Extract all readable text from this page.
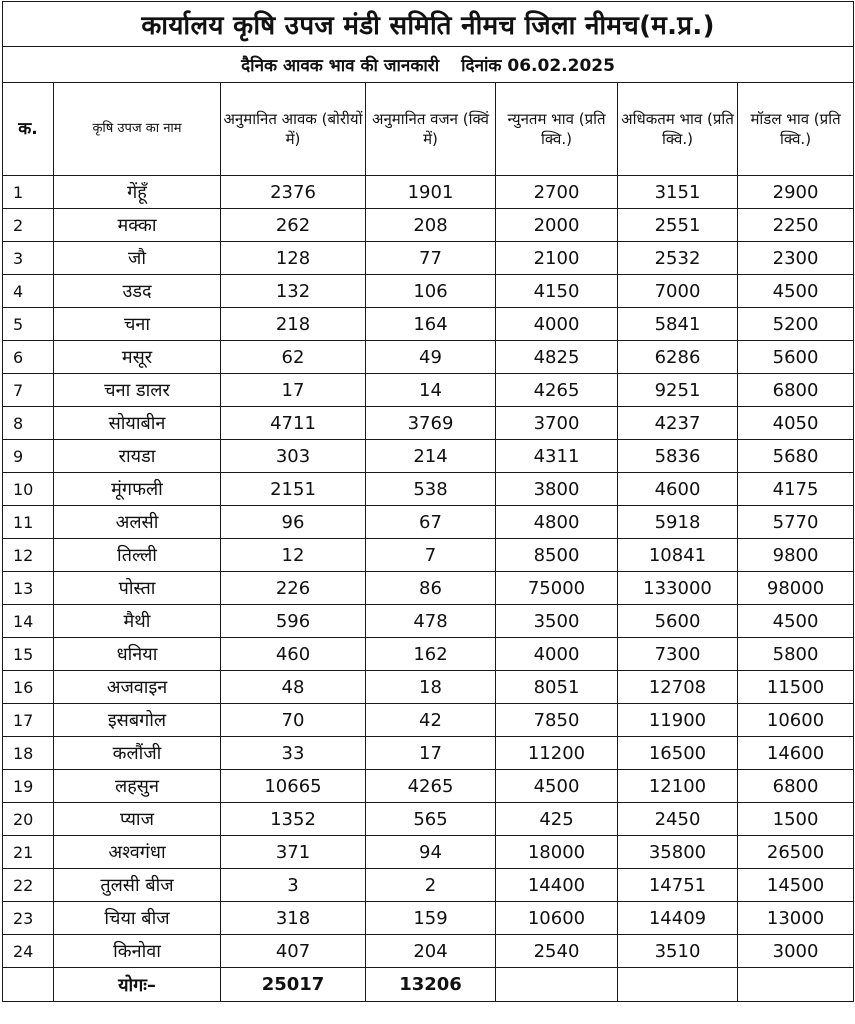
कार्यालय कृषि उपज मंडी समिति नीमच जिला नीमच(म.प्र.)						
दैनिक आवक भाव की जानकारी दिनांक 06.02.2025						
क.	कृषि उपज का नाम	अनुमानित आवक (बोरीयों में)	अनुमानित वजन (क्विं में)	न्युनतम भाव (प्रति क्वि.)	अधिकतम भाव (प्रति क्वि.)	मॉडल भाव (प्रति क्वि.)
1	गेंहूँ	2376	1901	2700	3151	2900
2	मक्का	262	208	2000	2551	2250
3	जौ	128	77	2100	2532	2300
4	उडद	132	106	4150	7000	4500
5	चना	218	164	4000	5841	5200
6	मसूर	62	49	4825	6286	5600
7	चना डालर	17	14	4265	9251	6800
8	सोयाबीन	4711	3769	3700	4237	4050
9	रायडा	303	214	4311	5836	5680
10	मूंगफली	2151	538	3800	4600	4175
11	अलसी	96	67	4800	5918	5770
12	तिल्ली	12	7	8500	10841	9800
13	पोस्ता	226	86	75000	133000	98000
14	मैथी	596	478	3500	5600	4500
15	धनिया	460	162	4000	7300	5800
16	अजवाइन	48	18	8051	12708	11500
17	इसबगोल	70	42	7850	11900	10600
18	कलौंजी	33	17	11200	16500	14600
19	लहसुन	10665	4265	4500	12100	6800
20	प्याज	1352	565	425	2450	1500
21	अश्वगंधा	371	94	18000	35800	26500
22	तुलसी बीज	3	2	14400	14751	14500
23	चिया बीज	318	159	10600	14409	13000
24	किनोवा	407	204	2540	3510	3000
	योगः–	25017	13206			
